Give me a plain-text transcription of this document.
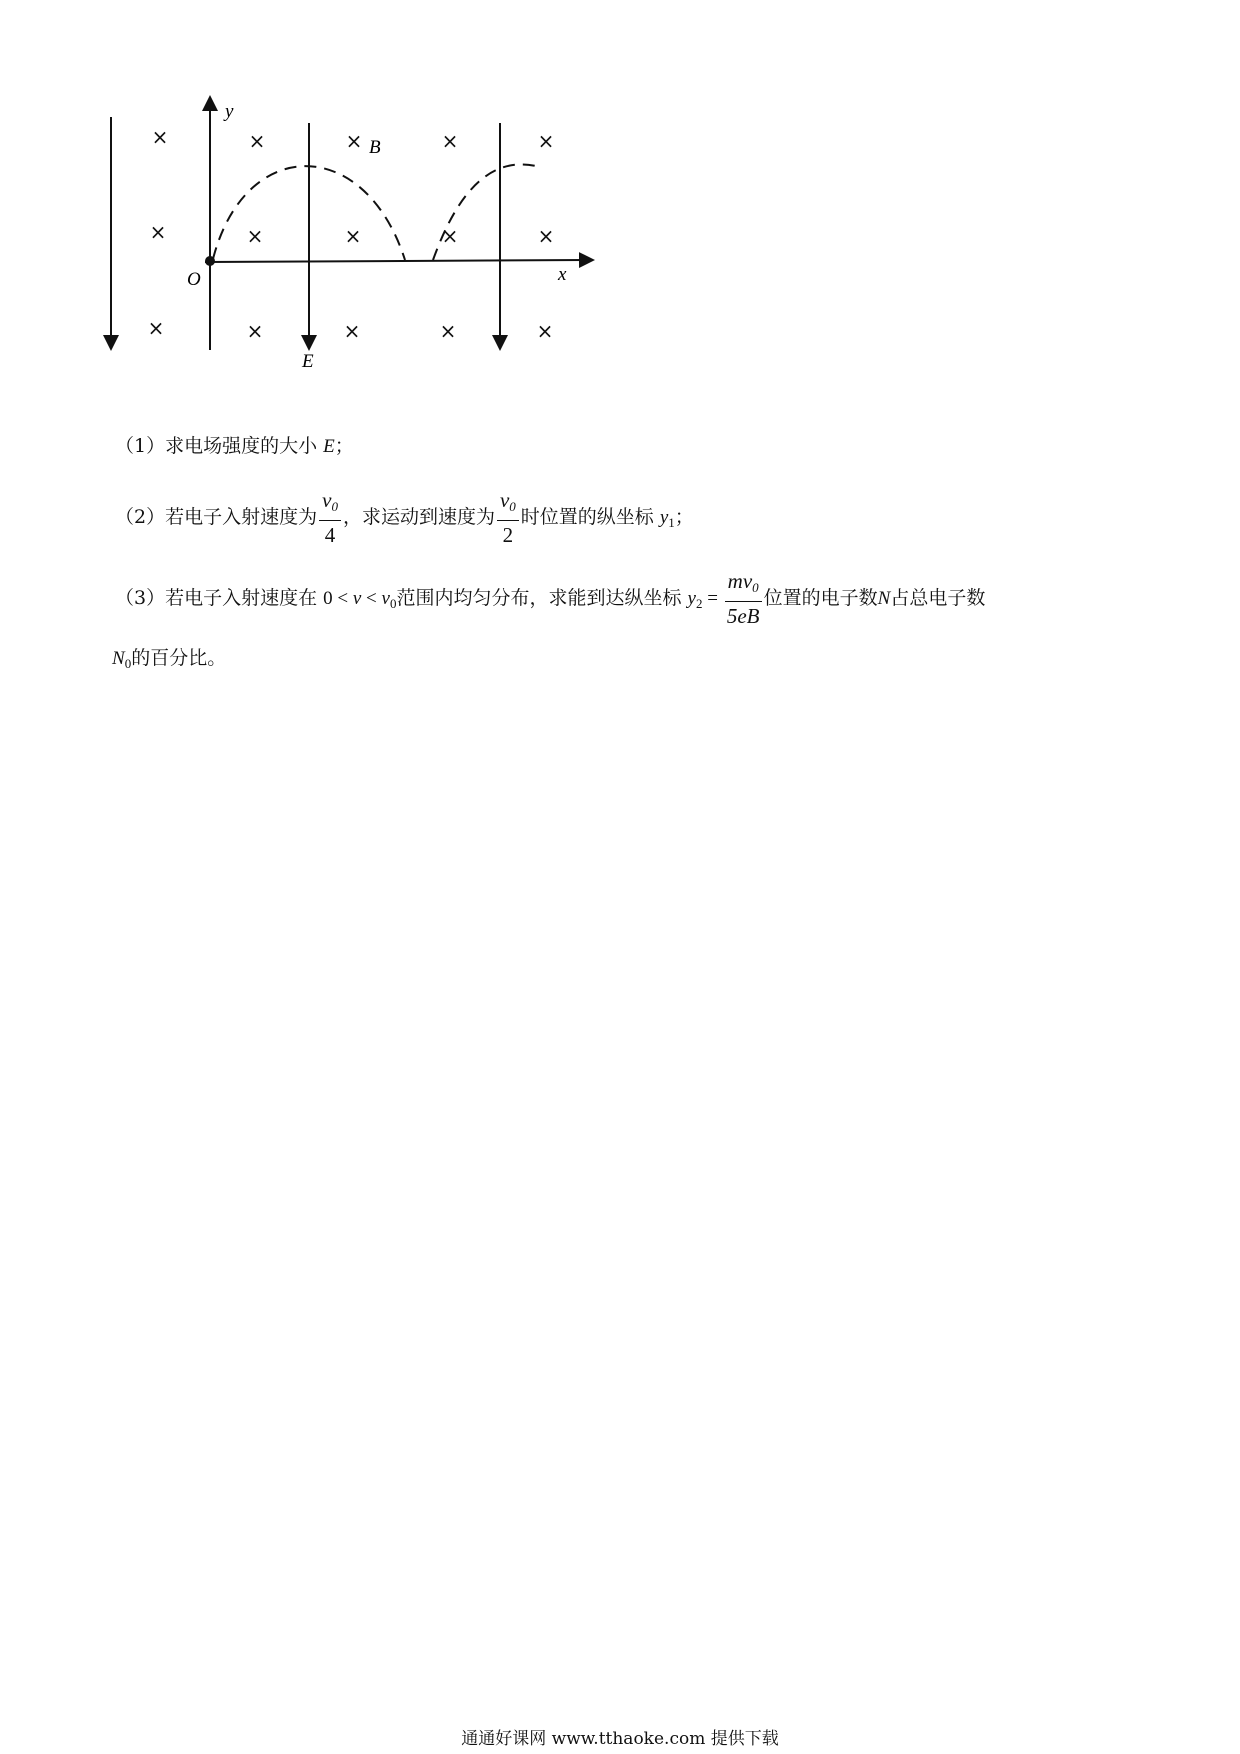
×	×	×	×	×
×	×	×	×	×
×	×	×	×	×
y
x
O
B
E
（1）求电场强度的大小 E；
（2）若电子入射速度为 $\frac{v_0}{4}$ ，求运动到速度为 $\frac{v_0}{2}$ 时位置的纵坐标 $y_1$；
（3）若电子入射速度在 $0 < v < v_0$范围内均匀分布，求能到达纵坐标 $y_2 = \frac{mv_0}{5eB}$ 位置的电子数N占总电子数
$N_0$的百分比。
通通好课网 www.tthaoke.com 提供下载
